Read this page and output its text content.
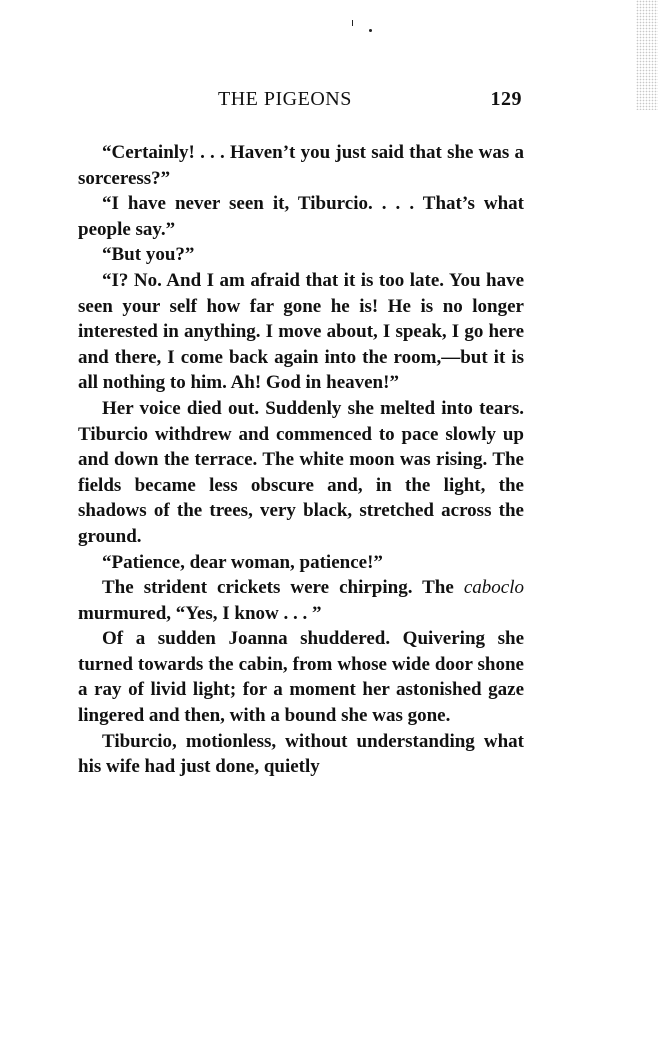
THE PIGEONS	129

“Certainly! . . . Haven’t you just said that she was a sorceress?”

“I have never seen it, Tiburcio. . . . That’s what people say.”

“But you?”

“I? No. And I am afraid that it is too late. You have seen your self how far gone he is! He is no longer interested in anything. I move about, I speak, I go here and there, I come back again into the room,—but it is all nothing to him. Ah! God in heaven!”

Her voice died out. Suddenly she melted into tears. Tiburcio withdrew and commenced to pace slowly up and down the terrace. The white moon was rising. The fields became less obscure and, in the light, the shadows of the trees, very black, stretched across the ground.

“Patience, dear woman, patience!”

The strident crickets were chirping. The caboclo murmured, “Yes, I know . . . ”

Of a sudden Joanna shuddered. Quivering she turned towards the cabin, from whose wide door shone a ray of livid light; for a moment her astonished gaze lingered and then, with a bound she was gone.

Tiburcio, motionless, without understanding what his wife had just done, quietly
